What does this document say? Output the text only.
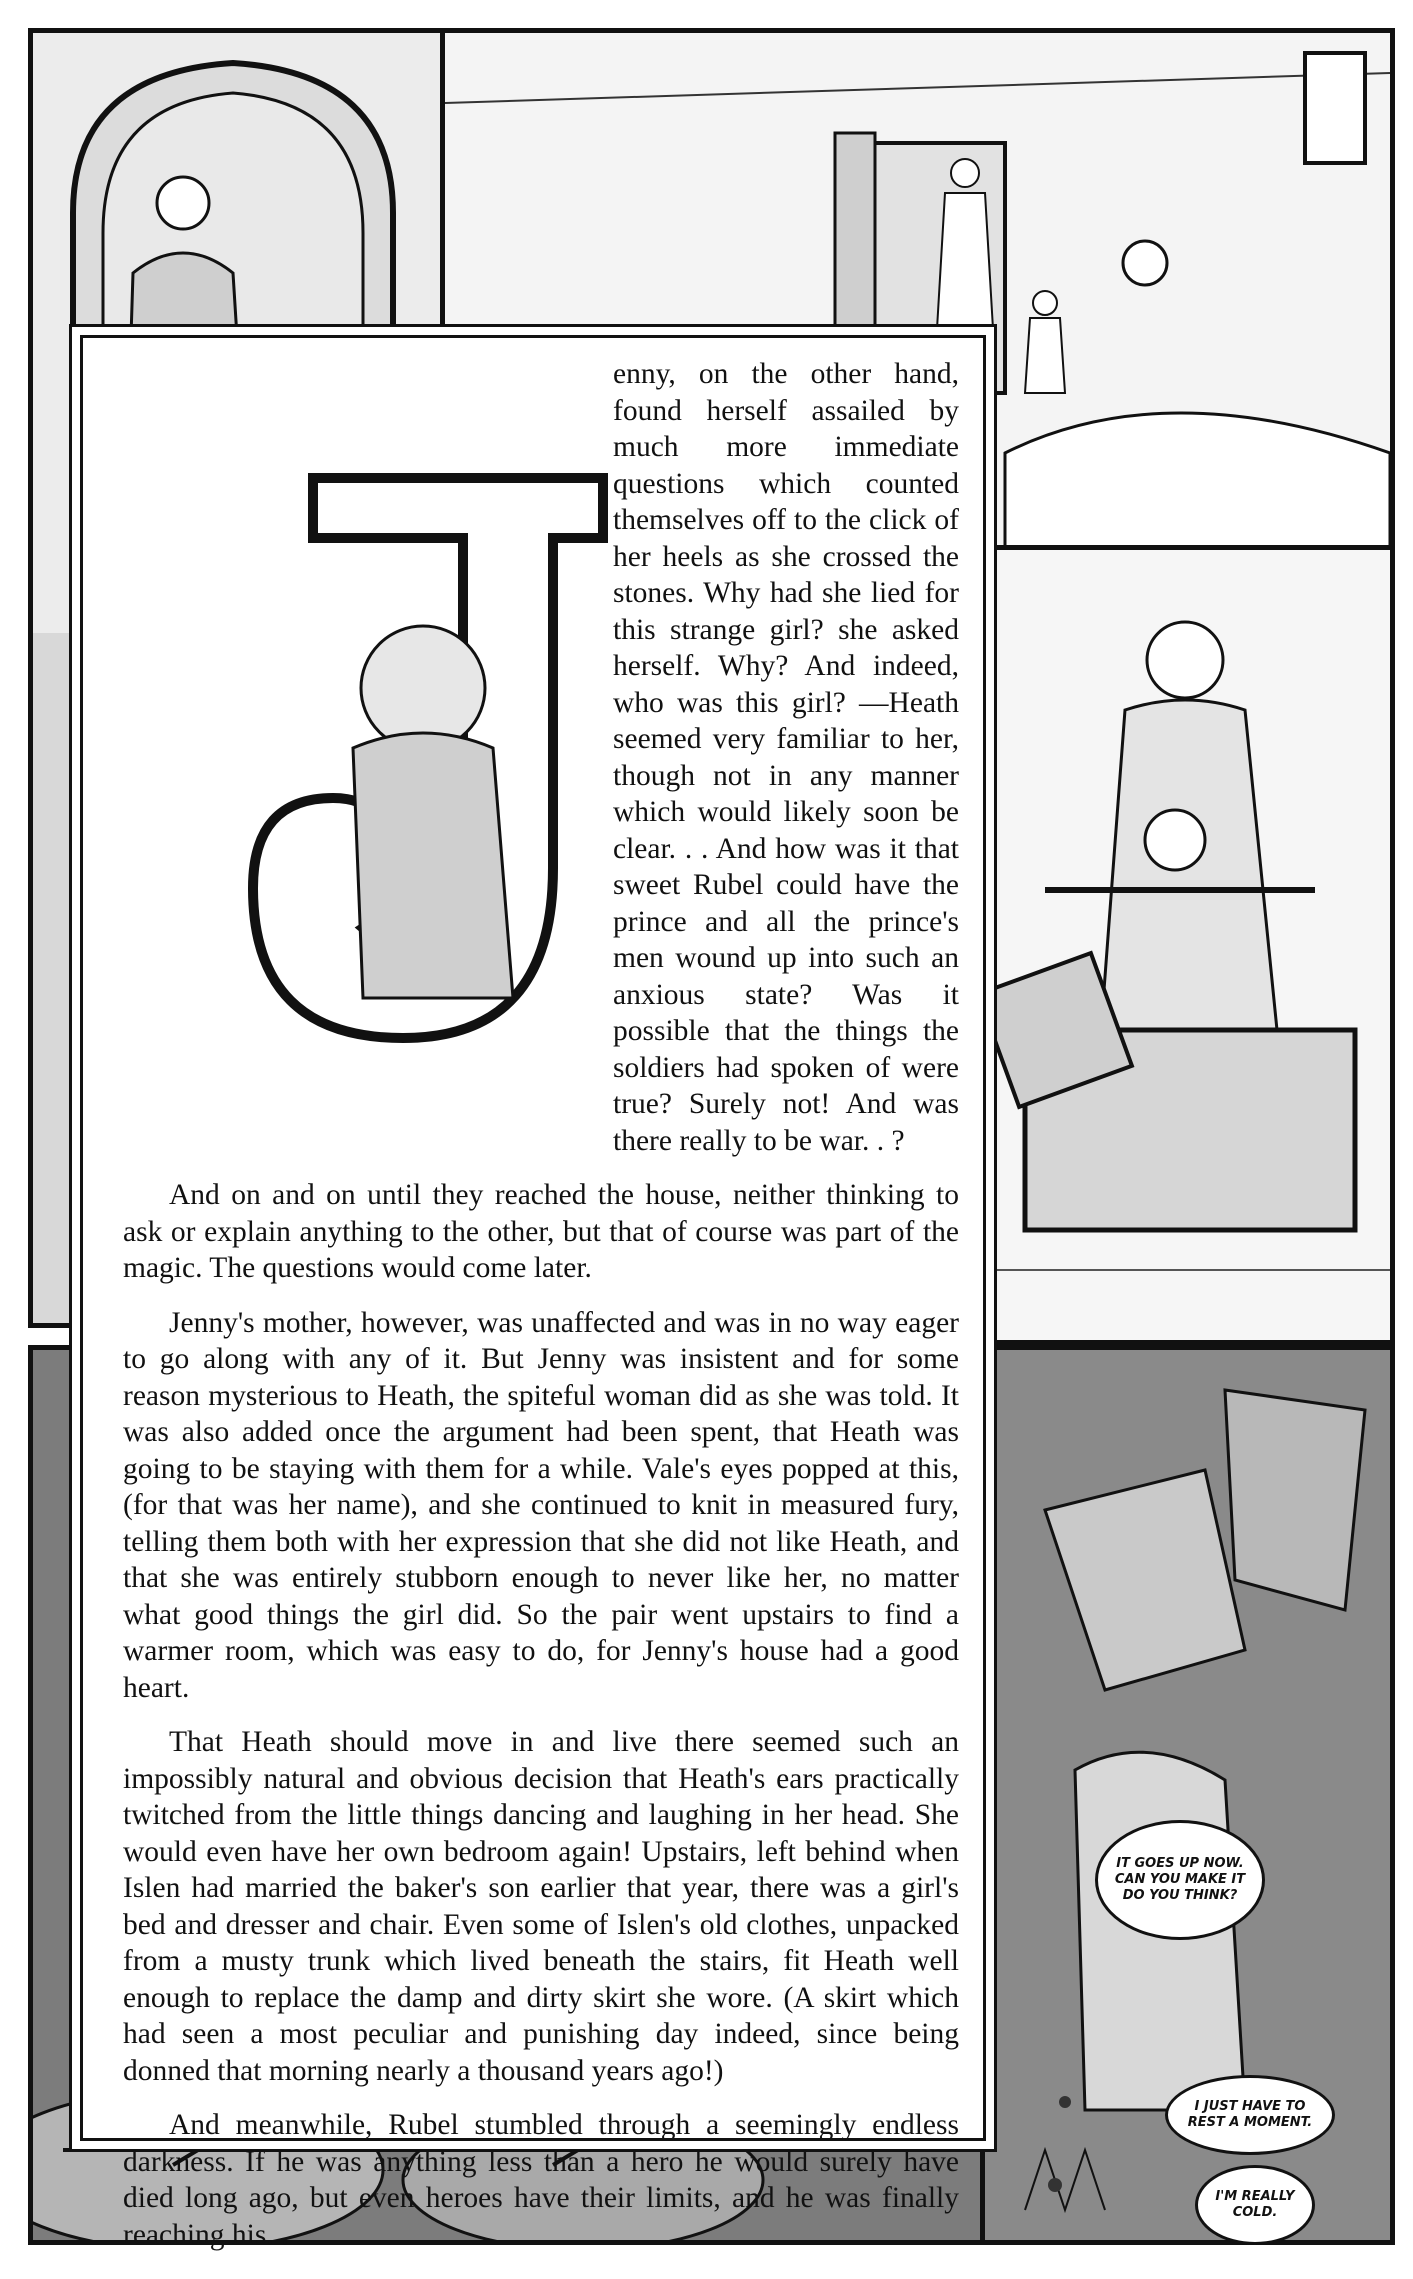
enny, on the other hand, found herself assailed by much more immediate questions which counted themselves off to the click of her heels as she crossed the stones. Why had she lied for this strange girl? she asked herself. Why? And indeed, who was this girl? —Heath seemed very familiar to her, though not in any manner which would likely soon be clear. . . And how was it that sweet Rubel could have the prince and all the prince's men wound up into such an anxious state? Was it possible that the things the soldiers had spoken of were true? Surely not! And was there really to be war. . ?

And on and on until they reached the house, neither thinking to ask or explain anything to the other, but that of course was part of the magic. The questions would come later.

Jenny's mother, however, was unaffected and was in no way eager to go along with any of it. But Jenny was insistent and for some reason mysterious to Heath, the spiteful woman did as she was told. It was also added once the argument had been spent, that Heath was going to be staying with them for a while. Vale's eyes popped at this, (for that was her name), and she continued to knit in measured fury, telling them both with her expression that she did not like Heath, and that she was entirely stubborn enough to never like her, no matter what good things the girl did. So the pair went upstairs to find a warmer room, which was easy to do, for Jenny's house had a good heart.

That Heath should move in and live there seemed such an impossibly natural and obvious decision that Heath's ears practically twitched from the little things dancing and laughing in her head. She would even have her own bedroom again! Upstairs, left behind when Islen had married the baker's son earlier that year, there was a girl's bed and dresser and chair. Even some of Islen's old clothes, unpacked from a musty trunk which lived beneath the stairs, fit Heath well enough to replace the damp and dirty skirt she wore. (A skirt which had seen a most peculiar and punishing day indeed, since being donned that morning nearly a thousand years ago!)

And meanwhile, Rubel stumbled through a seemingly endless darkness. If he was anything less than a hero he would surely have died long ago, but even heroes have their limits, and he was finally reaching his. . .

IT GOES UP NOW. CAN YOU MAKE IT DO YOU THINK?
I JUST HAVE TO REST A MOMENT.
I'M REALLY COLD.
